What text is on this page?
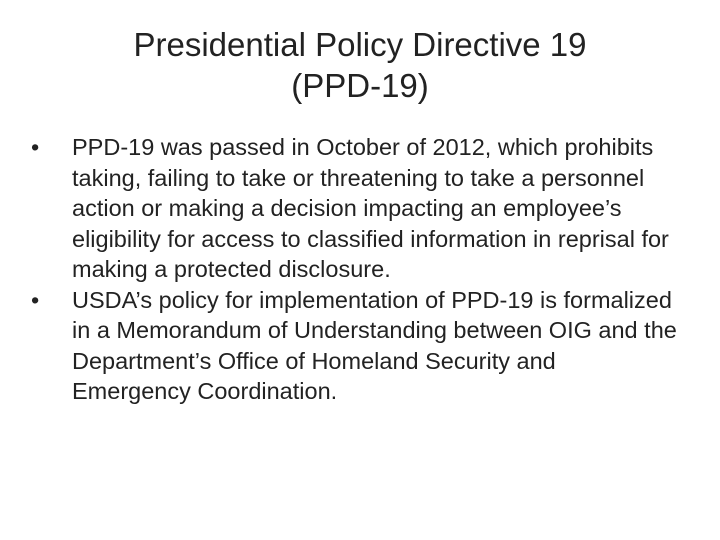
Presidential Policy Directive 19
(PPD-19)
•	PPD-19 was passed in October of 2012, which prohibits taking, failing to take or threatening to take a personnel action or making a decision impacting an employee’s eligibility for access to classified information in reprisal for making a protected disclosure.
•	USDA’s policy for implementation of PPD-19 is formalized in a Memorandum of Understanding between OIG and the Department’s Office of Homeland Security and Emergency Coordination.
